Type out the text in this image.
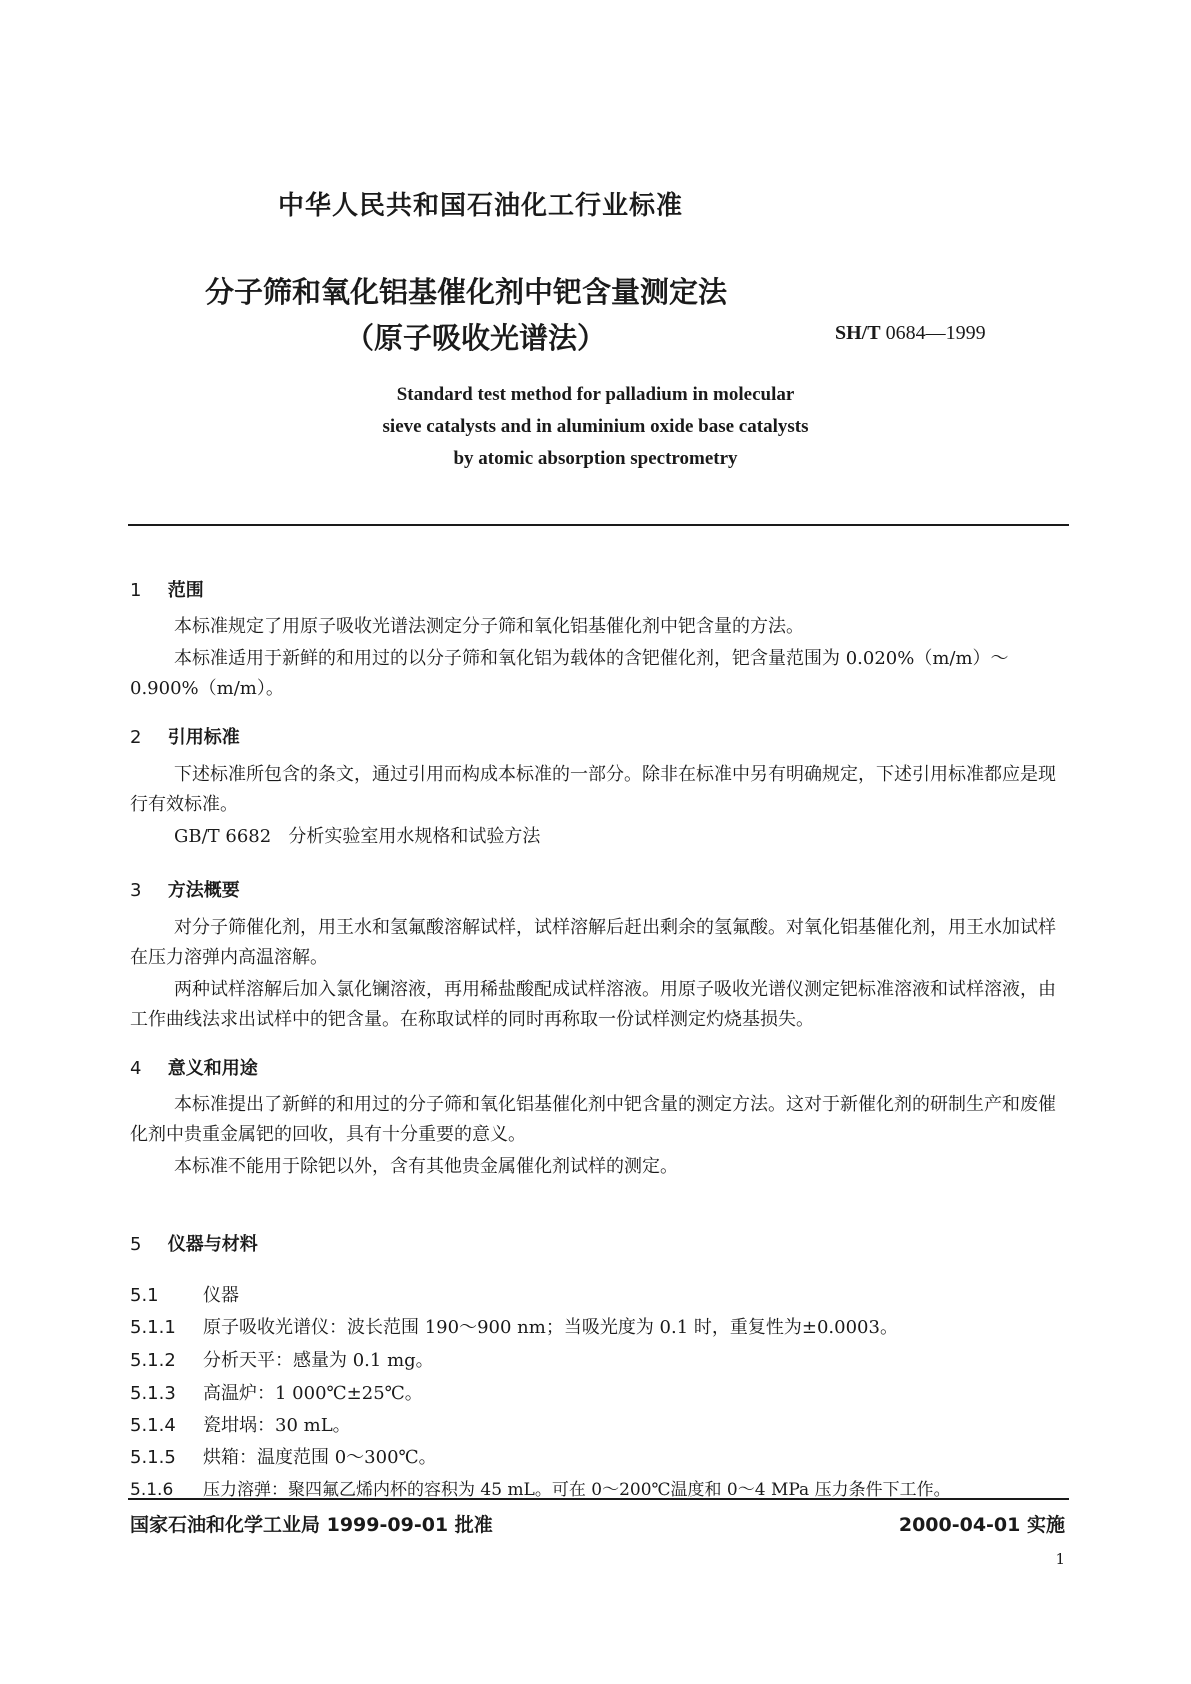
中华人民共和国石油化工行业标准
分子筛和氧化铝基催化剂中钯含量测定法
（原子吸收光谱法）	SH/T 0684—1999
Standard test method for palladium in molecular
sieve catalysts and in aluminium oxide base catalysts
by atomic absorption spectrometry
1 范围
本标准规定了用原子吸收光谱法测定分子筛和氧化铝基催化剂中钯含量的方法。
本标准适用于新鲜的和用过的以分子筛和氧化铝为载体的含钯催化剂，钯含量范围为 0.020%（m/m）～0.900%（m/m）。
2 引用标准
下述标准所包含的条文，通过引用而构成本标准的一部分。除非在标准中另有明确规定，下述引用标准都应是现行有效标准。
GB/T 6682 分析实验室用水规格和试验方法
3 方法概要
对分子筛催化剂，用王水和氢氟酸溶解试样，试样溶解后赶出剩余的氢氟酸。对氧化铝基催化剂，用王水加试样在压力溶弹内高温溶解。
两种试样溶解后加入氯化镧溶液，再用稀盐酸配成试样溶液。用原子吸收光谱仪测定钯标准溶液和试样溶液，由工作曲线法求出试样中的钯含量。在称取试样的同时再称取一份试样测定灼烧基损失。
4 意义和用途
本标准提出了新鲜的和用过的分子筛和氧化铝基催化剂中钯含量的测定方法。这对于新催化剂的研制生产和废催化剂中贵重金属钯的回收，具有十分重要的意义。
本标准不能用于除钯以外，含有其他贵金属催化剂试样的测定。
5 仪器与材料
5.1 仪器
5.1.1 原子吸收光谱仪：波长范围 190～900 nm；当吸光度为 0.1 时，重复性为±0.0003。
5.1.2 分析天平：感量为 0.1 mg。
5.1.3 高温炉：1 000℃±25℃。
5.1.4 瓷坩埚：30 mL。
5.1.5 烘箱：温度范围 0～300℃。
5.1.6 压力溶弹：聚四氟乙烯内杯的容积为 45 mL。可在 0～200℃温度和 0～4 MPa 压力条件下工作。
国家石油和化学工业局 1999-09-01 批准	2000-04-01 实施
1
